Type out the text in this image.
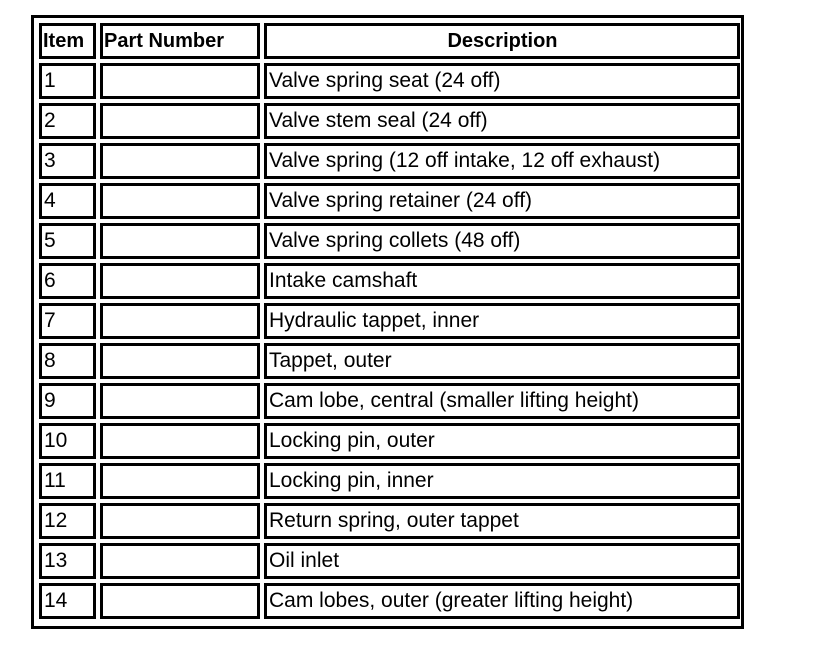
Item	Part Number	Description
1		Valve spring seat (24 off)
2		Valve stem seal (24 off)
3		Valve spring (12 off intake, 12 off exhaust)
4		Valve spring retainer (24 off)
5		Valve spring collets (48 off)
6		Intake camshaft
7		Hydraulic tappet, inner
8		Tappet, outer
9		Cam lobe, central (smaller lifting height)
10		Locking pin, outer
11		Locking pin, inner
12		Return spring, outer tappet
13		Oil inlet
14		Cam lobes, outer (greater lifting height)
